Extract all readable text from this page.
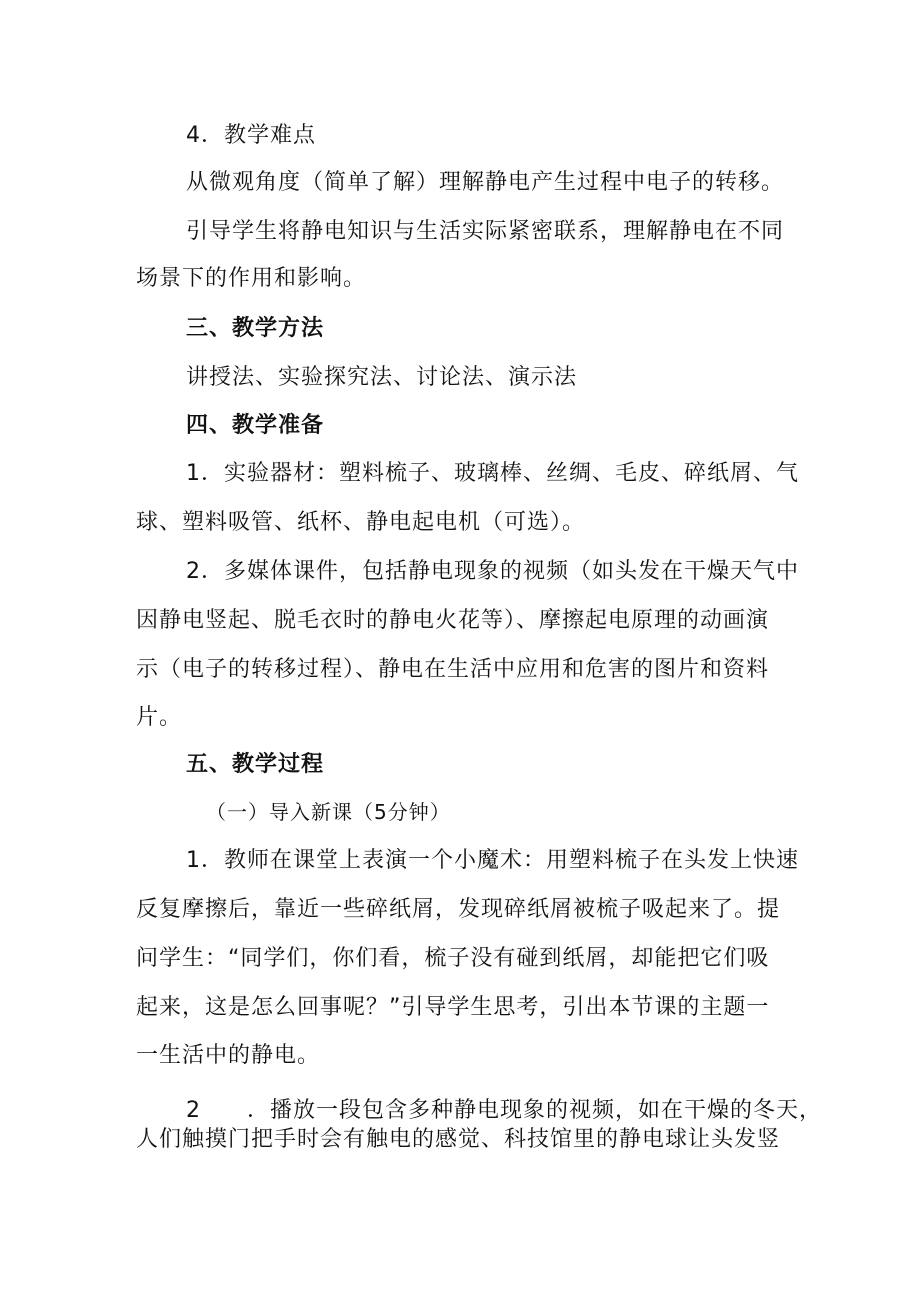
4．教学难点
从微观角度（简单了解）理解静电产生过程中电子的转移。
引导学生将静电知识与生活实际紧密联系，理解静电在不同
场景下的作用和影响。
三、教学方法
讲授法、实验探究法、讨论法、演示法
四、教学准备
1．实验器材：塑料梳子、玻璃棒、丝绸、毛皮、碎纸屑、气
球、塑料吸管、纸杯、静电起电机（可选）。
2．多媒体课件，包括静电现象的视频（如头发在干燥天气中
因静电竖起、脱毛衣时的静电火花等）、摩擦起电原理的动画演
示（电子的转移过程）、静电在生活中应用和危害的图片和资料
片。
五、教学过程
（一）导入新课（5分钟）
1．教师在课堂上表演一个小魔术：用塑料梳子在头发上快速
反复摩擦后，靠近一些碎纸屑，发现碎纸屑被梳子吸起来了。提
问学生：“同学们，你们看，梳子没有碰到纸屑，却能把它们吸
起来，这是怎么回事呢？”引导学生思考，引出本节课的主题一
一生活中的静电。
2　　．播放一段包含多种静电现象的视频，如在干燥的冬天，
人们触摸门把手时会有触电的感觉、科技馆里的静电球让头发竖
